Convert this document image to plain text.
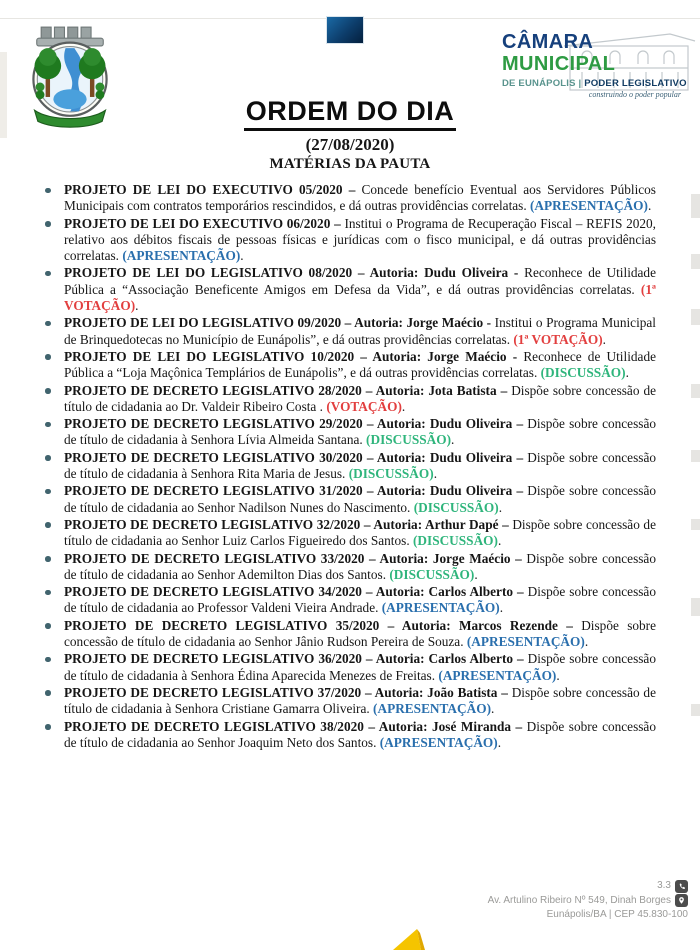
CÂMARA
MUNICIPAL
DE EUNÁPOLIS | PODER LEGISLATIVO
construindo o poder popular
ORDEM DO DIA
(27/08/2020)
MATÉRIAS DA PAUTA
PROJETO DE LEI DO EXECUTIVO 05/2020 – Concede benefício Eventual aos Servidores Públicos Municipais com contratos temporários rescindidos, e dá outras providências correlatas. (APRESENTAÇÃO).
PROJETO DE LEI DO EXECUTIVO 06/2020 – Institui o Programa de Recuperação Fiscal – REFIS 2020, relativo aos débitos fiscais de pessoas físicas e jurídicas com o fisco municipal, e dá outras providências correlatas. (APRESENTAÇÃO).
PROJETO DE LEI DO LEGISLATIVO 08/2020 – Autoria: Dudu Oliveira - Reconhece de Utilidade Pública a “Associação Beneficente Amigos em Defesa da Vida”, e dá outras providências correlatas. (1ª VOTAÇÃO).
PROJETO DE LEI DO LEGISLATIVO 09/2020 – Autoria: Jorge Maécio - Institui o Programa Municipal de Brinquedotecas no Município de Eunápolis”, e dá outras providências correlatas. (1ª VOTAÇÃO).
PROJETO DE LEI DO LEGISLATIVO 10/2020 – Autoria: Jorge Maécio - Reconhece de Utilidade Pública a “Loja Maçônica Templários de Eunápolis”, e dá outras providências correlatas. (DISCUSSÃO).
PROJETO DE DECRETO LEGISLATIVO 28/2020 – Autoria: Jota Batista – Dispõe sobre concessão de título de cidadania ao Dr. Valdeir Ribeiro Costa . (VOTAÇÃO).
PROJETO DE DECRETO LEGISLATIVO 29/2020 – Autoria: Dudu Oliveira – Dispõe sobre concessão de título de cidadania à Senhora Lívia Almeida Santana. (DISCUSSÃO).
PROJETO DE DECRETO LEGISLATIVO 30/2020 – Autoria: Dudu Oliveira – Dispõe sobre concessão de título de cidadania à Senhora Rita Maria de Jesus. (DISCUSSÃO).
PROJETO DE DECRETO LEGISLATIVO 31/2020 – Autoria: Dudu Oliveira – Dispõe sobre concessão de título de cidadania ao Senhor Nadilson Nunes do Nascimento. (DISCUSSÃO).
PROJETO DE DECRETO LEGISLATIVO 32/2020 – Autoria: Arthur Dapé – Dispõe sobre concessão de título de cidadania ao Senhor Luiz Carlos Figueiredo dos Santos. (DISCUSSÃO).
PROJETO DE DECRETO LEGISLATIVO 33/2020 – Autoria: Jorge Maécio – Dispõe sobre concessão de título de cidadania ao Senhor Ademilton Dias dos Santos. (DISCUSSÃO).
PROJETO DE DECRETO LEGISLATIVO 34/2020 – Autoria: Carlos Alberto – Dispõe sobre concessão de título de cidadania ao Professor Valdeni Vieira Andrade. (APRESENTAÇÃO).
PROJETO DE DECRETO LEGISLATIVO 35/2020 – Autoria: Marcos Rezende – Dispõe sobre concessão de título de cidadania ao Senhor Jânio Rudson Pereira de Souza. (APRESENTAÇÃO).
PROJETO DE DECRETO LEGISLATIVO 36/2020 – Autoria: Carlos Alberto – Dispõe sobre concessão de título de cidadania à Senhora Édina Aparecida Menezes de Freitas. (APRESENTAÇÃO).
PROJETO DE DECRETO LEGISLATIVO 37/2020 – Autoria: João Batista – Dispõe sobre concessão de título de cidadania à Senhora Cristiane Gamarra Oliveira. (APRESENTAÇÃO).
PROJETO DE DECRETO LEGISLATIVO 38/2020 – Autoria: José Miranda – Dispõe sobre concessão de título de cidadania ao Senhor Joaquim Neto dos Santos. (APRESENTAÇÃO).
3.3
Av. Artulino Ribeiro Nº 549, Dinah Borges
Eunápolis/BA | CEP 45.830-100
